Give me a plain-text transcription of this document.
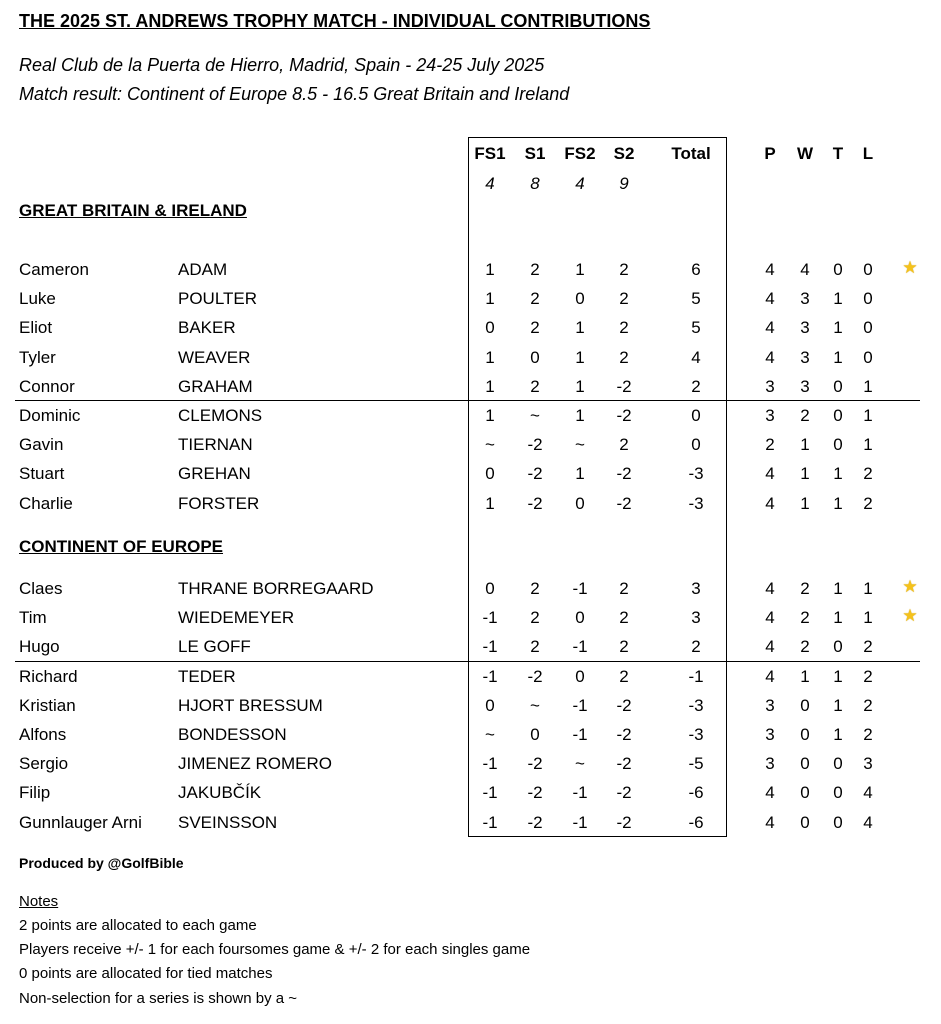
THE 2025 ST. ANDREWS TROPHY MATCH - INDIVIDUAL CONTRIBUTIONS
Real Club de la Puerta de Hierro, Madrid, Spain - 24-25 July 2025
Match result: Continent of Europe 8.5 - 16.5 Great Britain and Ireland
FS1 S1 FS2 S2 Total	P W T L
4 8 4 9
GREAT BRITAIN & IRELAND
Cameron	ADAM	1 2 1 2	6	4 4 0 0 ★
Luke	POULTER	1 2 0 2	5	4 3 1 0
Eliot	BAKER	0 2 1 2	5	4 3 1 0
Tyler	WEAVER	1 0 1 2	4	4 3 1 0
Connor	GRAHAM	1 2 1 -2	2	3 3 0 1
Dominic	CLEMONS	1 ~ 1 -2	0	3 2 0 1
Gavin	TIERNAN	~ -2 ~ 2	0	2 1 0 1
Stuart	GREHAN	0 -2 1 -2	-3	4 1 1 2
Charlie	FORSTER	1 -2 0 -2	-3	4 1 1 2
CONTINENT OF EUROPE
Claes	THRANE BORREGAARD	0 2 -1 2	3	4 2 1 1 ★
Tim	WIEDEMEYER	-1 2 0 2	3	4 2 1 1 ★
Hugo	LE GOFF	-1 2 -1 2	2	4 2 0 2
Richard	TEDER	-1 -2 0 2	-1	4 1 1 2
Kristian	HJORT BRESSUM	0 ~ -1 -2	-3	3 0 1 2
Alfons	BONDESSON	~ 0 -1 -2	-3	3 0 1 2
Sergio	JIMENEZ ROMERO	-1 -2 ~ -2	-5	3 0 0 3
Filip	JAKUBČÍK	-1 -2 -1 -2	-6	4 0 0 4
Gunnlauger Arni SVEINSSON	-1 -2 -1 -2	-6	4 0 0 4
Produced by @GolfBible
Notes
2 points are allocated to each game
Players receive +/- 1 for each foursomes game & +/- 2 for each singles game
0 points are allocated for tied matches
Non-selection for a series is shown by a ~
